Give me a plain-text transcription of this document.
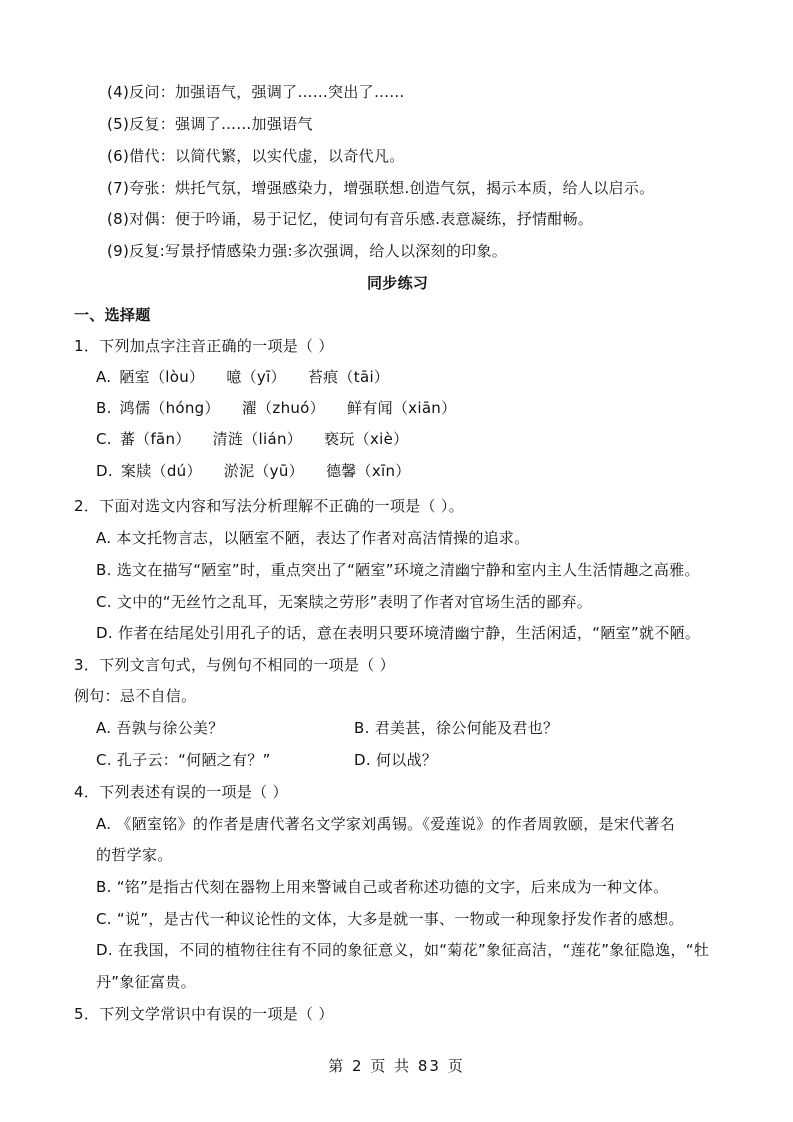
(4)反问：加强语气，强调了……突出了……
(5)反复：强调了……加强语气
(6)借代：以简代繁，以实代虚，以奇代凡。
(7)夸张：烘托气氛，增强感染力，增强联想.创造气氛，揭示本质，给人以启示。
(8)对偶：便于吟诵，易于记忆，使词句有音乐感.表意凝练，抒情酣畅。
(9)反复:写景抒情感染力强:多次强调，给人以深刻的印象。
同步练习
一、选择题
1．下列加点字注音正确的一项是（ ）
A. 陋室（lòu） 噫（yī） 苔痕（tāi）
B. 鸿儒（hóng） 濯（zhuó） 鲜有闻（xiān）
C. 蕃（fān） 清涟（lián） 亵玩（xiè）
D. 案牍（dú） 淤泥（yū） 德馨（xīn）
2．下面对选文内容和写法分析理解不正确的一项是（ ）。
A. 本文托物言志，以陋室不陋，表达了作者对高洁情操的追求。
B. 选文在描写“陋室”时，重点突出了“陋室”环境之清幽宁静和室内主人生活情趣之高雅。
C. 文中的“无丝竹之乱耳，无案牍之劳形”表明了作者对官场生活的鄙弃。
D. 作者在结尾处引用孔子的话，意在表明只要环境清幽宁静，生活闲适，“陋室”就不陋。
3．下列文言句式，与例句不相同的一项是（ ）
例句：忌不自信。
A. 吾孰与徐公美？	B. 君美甚，徐公何能及君也？
C. 孔子云：“何陋之有？”	D. 何以战？
4．下列表述有误的一项是（ ）
A. 《陋室铭》的作者是唐代著名文学家刘禹锡。《爱莲说》的作者周敦颐，是宋代著名
的哲学家。
B. “铭”是指古代刻在器物上用来警诫自己或者称述功德的文字，后来成为一种文体。
C. “说”，是古代一种议论性的文体，大多是就一事、一物或一种现象抒发作者的感想。
D. 在我国，不同的植物往往有不同的象征意义，如“菊花”象征高洁，“莲花”象征隐逸，“牡
丹”象征富贵。
5．下列文学常识中有误的一项是（ ）
第 2 页 共 83 页
